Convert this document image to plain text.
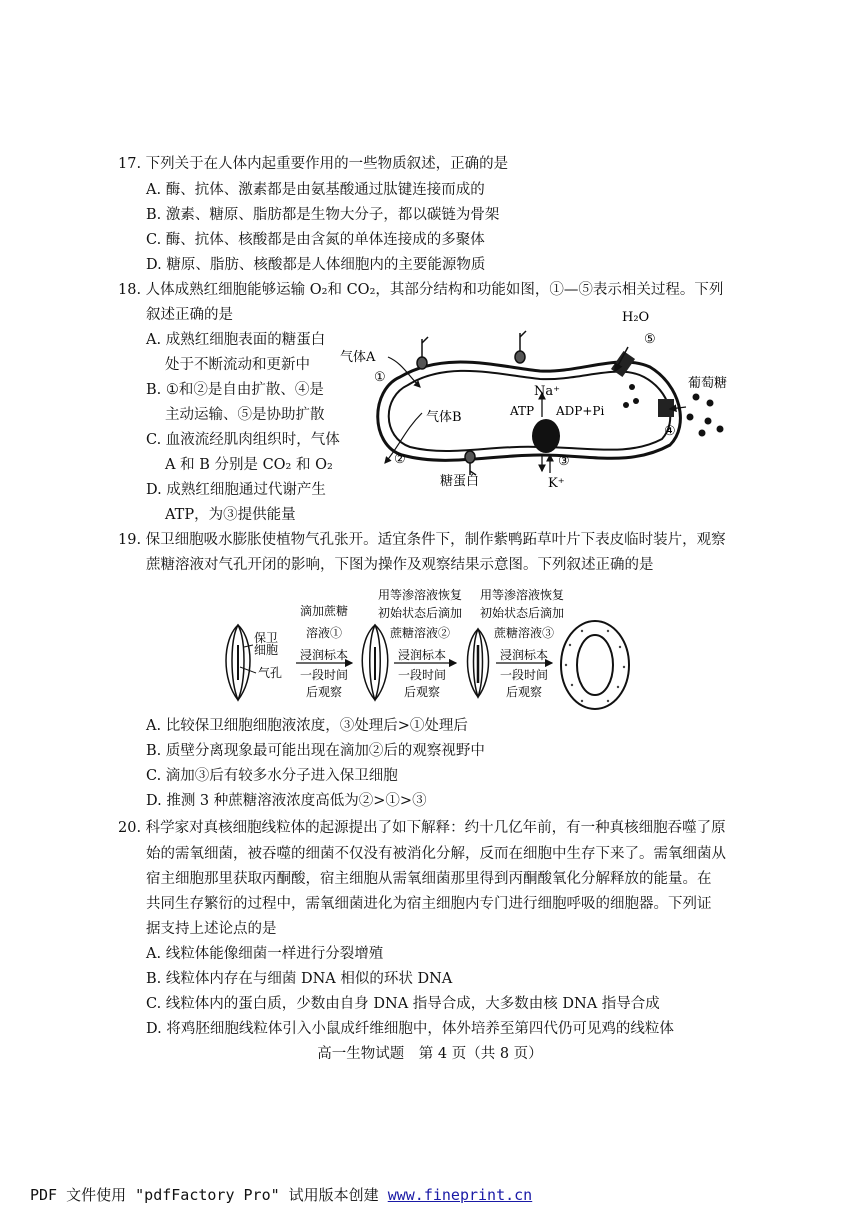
17. 下列关于在人体内起重要作用的一些物质叙述，正确的是
A. 酶、抗体、激素都是由氨基酸通过肽键连接而成的
B. 激素、糖原、脂肪都是生物大分子，都以碳链为骨架
C. 酶、抗体、核酸都是由含氮的单体连接成的多聚体
D. 糖原、脂肪、核酸都是人体细胞内的主要能源物质
18. 人体成熟红细胞能够运输 O₂和 CO₂，其部分结构和功能如图，①—⑤表示相关过程。下列
叙述正确的是
A. 成熟红细胞表面的糖蛋白
处于不断流动和更新中
B. ①和②是自由扩散、④是
主动运输、⑤是协助扩散
C. 血液流经肌肉组织时，气体
A 和 B 分别是 CO₂ 和 O₂
D. 成熟红细胞通过代谢产生
ATP，为③提供能量
H₂O
⑤
气体A
①
气体B
②
Na⁺
ATP ADP+Pi
③
K⁺
糖蛋白
葡萄糖
④
19. 保卫细胞吸水膨胀使植物气孔张开。适宜条件下，制作紫鸭跖草叶片下表皮临时装片，观察
蔗糖溶液对气孔开闭的影响，下图为操作及观察结果示意图。下列叙述正确的是
保卫
细胞
气孔
滴加蔗糖
溶液①
浸润标本
一段时间
后观察
用等渗溶液恢复
初始状态后滴加
蔗糖溶液②
浸润标本
一段时间
后观察
用等渗溶液恢复
初始状态后滴加
蔗糖溶液③
浸润标本
一段时间
后观察
A. 比较保卫细胞细胞液浓度，③处理后>①处理后
B. 质壁分离现象最可能出现在滴加②后的观察视野中
C. 滴加③后有较多水分子进入保卫细胞
D. 推测 3 种蔗糖溶液浓度高低为②>①>③
20. 科学家对真核细胞线粒体的起源提出了如下解释：约十几亿年前，有一种真核细胞吞噬了原
始的需氧细菌，被吞噬的细菌不仅没有被消化分解，反而在细胞中生存下来了。需氧细菌从
宿主细胞那里获取丙酮酸，宿主细胞从需氧细菌那里得到丙酮酸氧化分解释放的能量。在
共同生存繁衍的过程中，需氧细菌进化为宿主细胞内专门进行细胞呼吸的细胞器。下列证
据支持上述论点的是
A. 线粒体能像细菌一样进行分裂增殖
B. 线粒体内存在与细菌 DNA 相似的环状 DNA
C. 线粒体内的蛋白质，少数由自身 DNA 指导合成，大多数由核 DNA 指导合成
D. 将鸡胚细胞线粒体引入小鼠成纤维细胞中，体外培养至第四代仍可见鸡的线粒体
高一生物试题　第 4 页（共 8 页）
PDF 文件使用 "pdfFactory Pro" 试用版本创建 www.fineprint.cn
